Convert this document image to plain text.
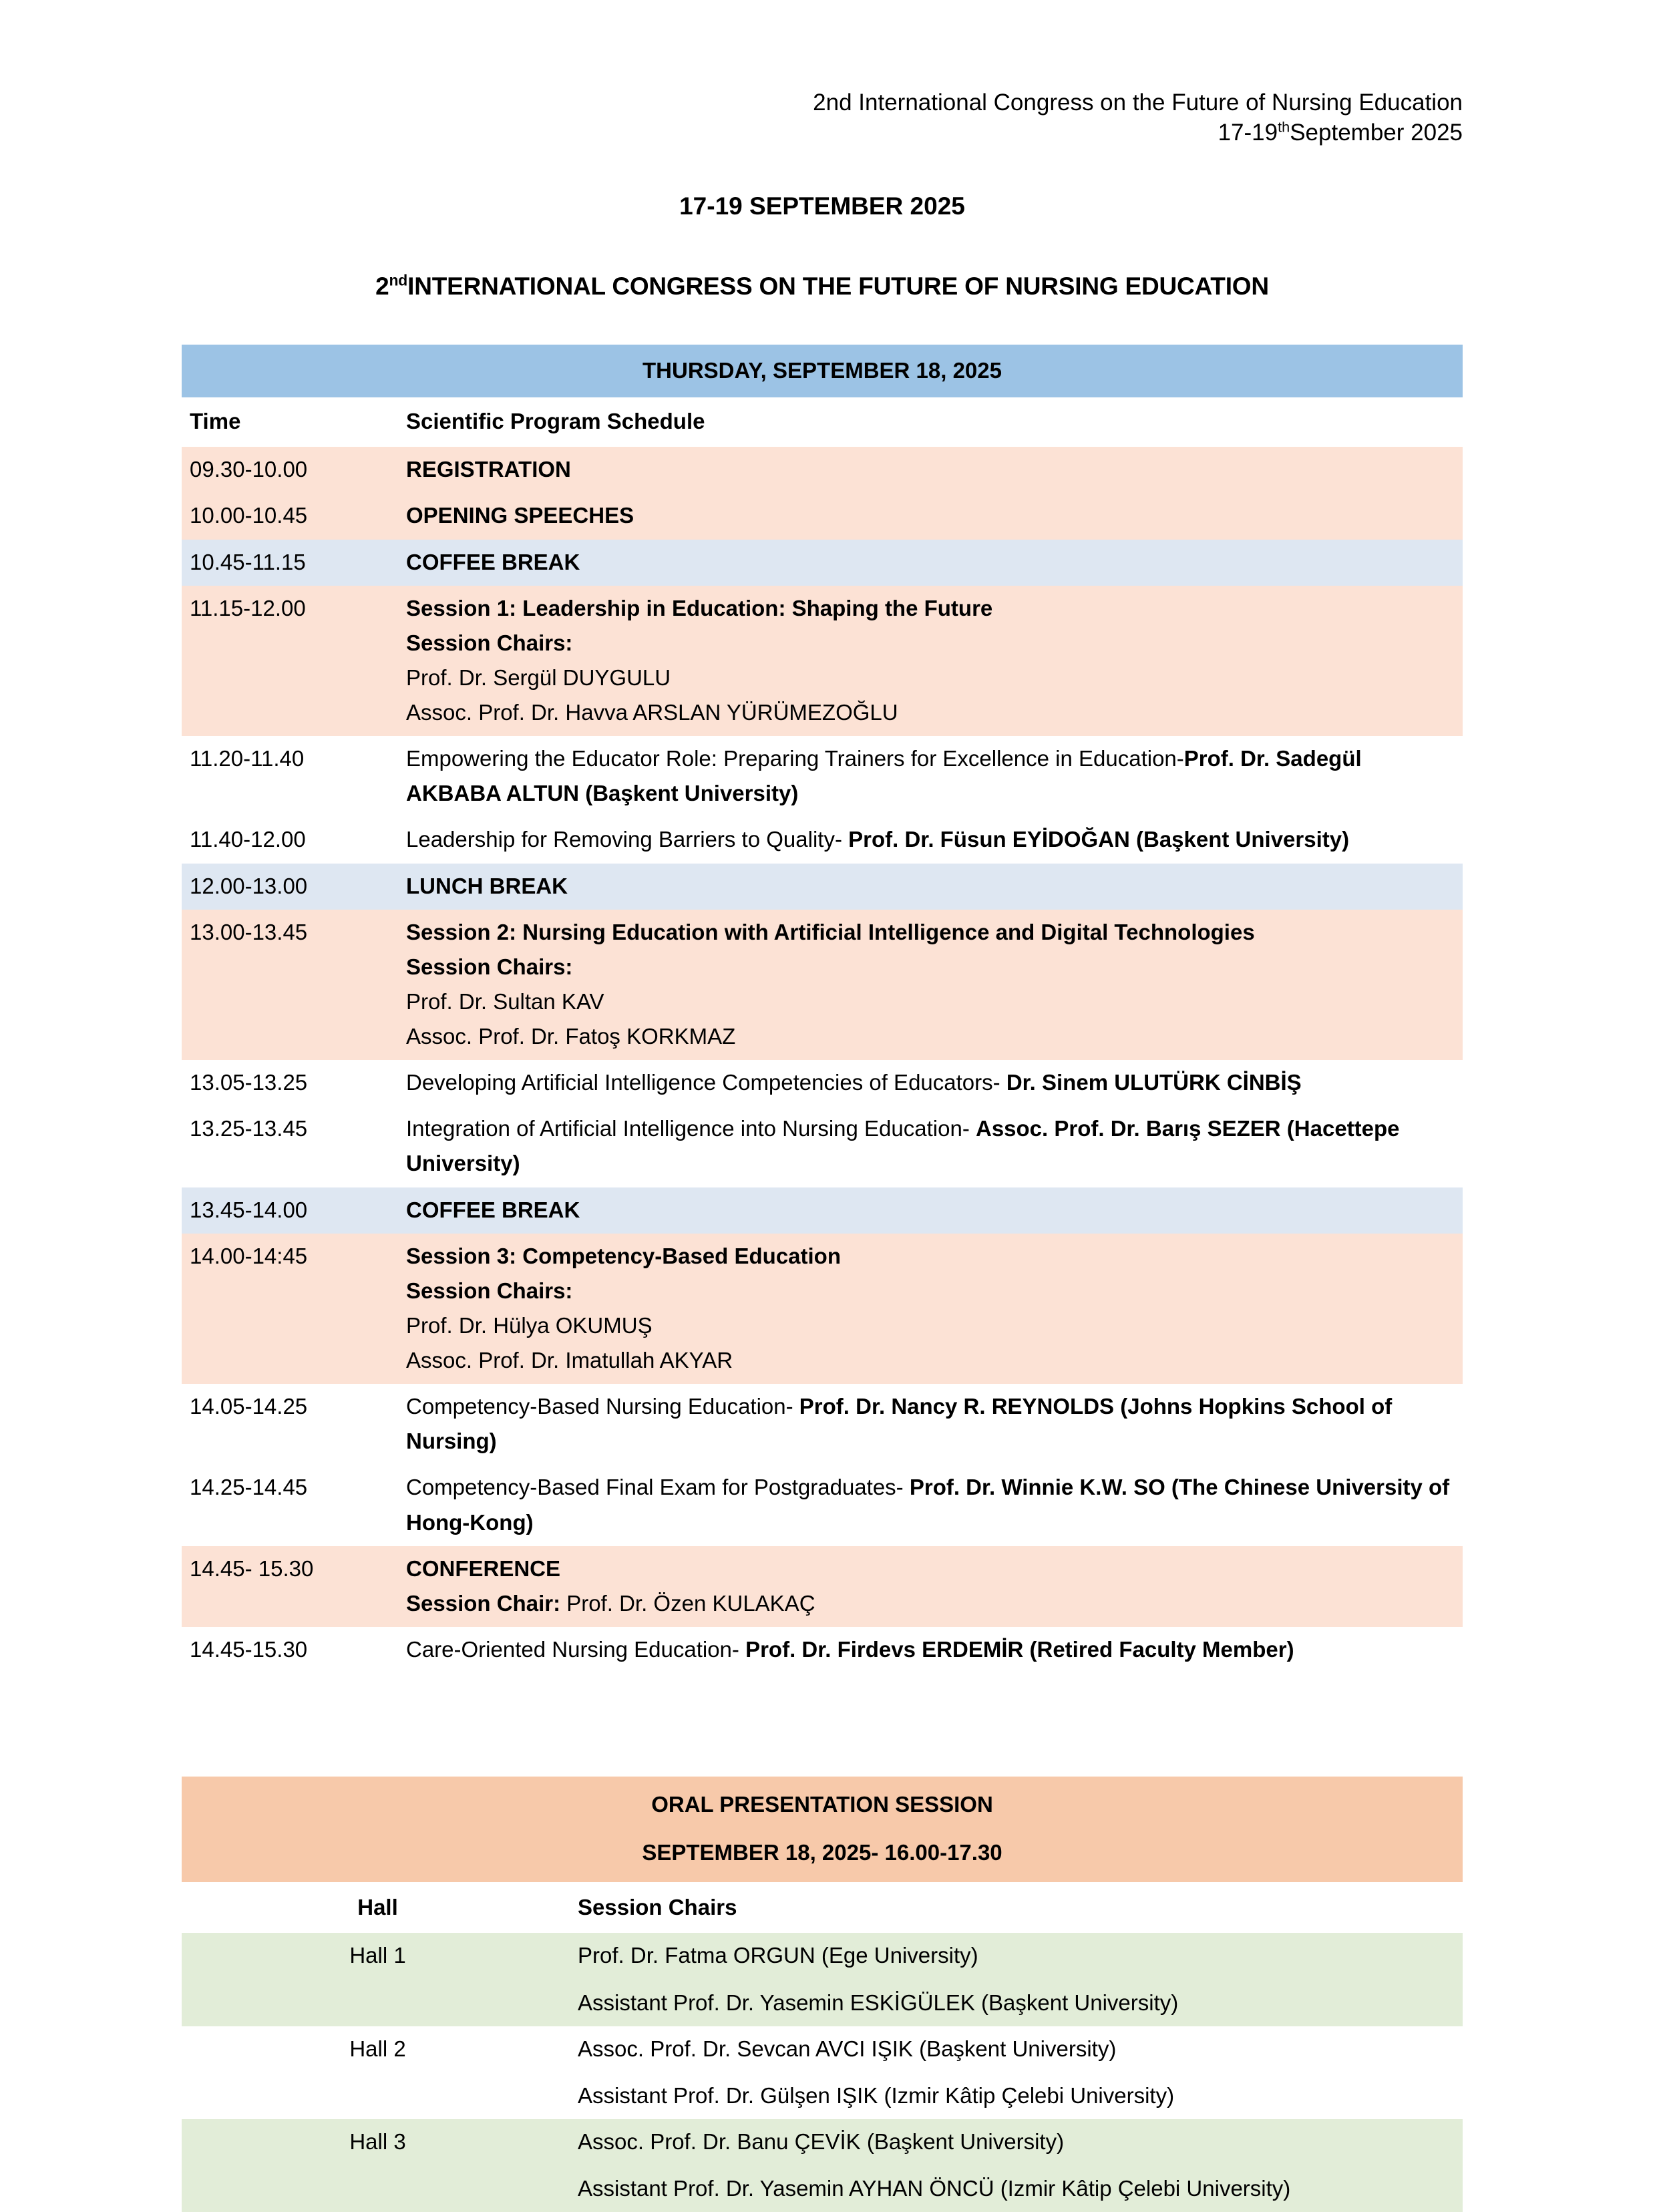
2nd International Congress on the Future of Nursing Education
17-19thSeptember 2025
17-19 SEPTEMBER 2025
2ndINTERNATIONAL CONGRESS ON THE FUTURE OF NURSING EDUCATION
THURSDAY, SEPTEMBER 18, 2025	
Time	Scientific Program Schedule
09.30-10.00	REGISTRATION

10.00-10.45	OPENING SPEECHES

10.45-11.15	COFFEE BREAK

11.15-12.00	Session 1: Leadership in Education: Shaping the Future
Session Chairs:
Prof. Dr. Sergül DUYGULU
Assoc. Prof. Dr. Havva ARSLAN YÜRÜMEZOĞLU

11.20-11.40	Empowering the Educator Role: Preparing Trainers for Excellence in Education-Prof. Dr. Sadegül AKBABA ALTUN (Başkent University)

11.40-12.00	Leadership for Removing Barriers to Quality- Prof. Dr. Füsun EYİDOĞAN (Başkent University)

12.00-13.00	LUNCH BREAK

13.00-13.45	Session 2: Nursing Education with Artificial Intelligence and Digital Technologies
Session Chairs:
Prof. Dr. Sultan KAV
Assoc. Prof. Dr. Fatoş KORKMAZ

13.05-13.25	Developing Artificial Intelligence Competencies of Educators- Dr. Sinem ULUTÜRK CİNBİŞ

13.25-13.45	Integration of Artificial Intelligence into Nursing Education- Assoc. Prof. Dr. Barış SEZER (Hacettepe University)

13.45-14.00	COFFEE BREAK

14.00-14:45	Session 3: Competency-Based Education
Session Chairs:
Prof. Dr. Hülya OKUMUŞ
Assoc. Prof. Dr. Imatullah AKYAR

14.05-14.25	Competency-Based Nursing Education- Prof. Dr. Nancy R. REYNOLDS (Johns Hopkins School of Nursing)

14.25-14.45	Competency-Based Final Exam for Postgraduates- Prof. Dr. Winnie K.W. SO (The Chinese University of Hong-Kong)

14.45- 15.30	CONFERENCE
Session Chair: Prof. Dr. Özen KULAKAÇ

14.45-15.30	Care-Oriented Nursing Education- Prof. Dr. Firdevs ERDEMİR (Retired Faculty Member)
ORAL PRESENTATION SESSION
SEPTEMBER 18, 2025- 16.00-17.30	

Hall	Session Chairs
Hall 1	Prof. Dr. Fatma ORGUN (Ege University)
Assistant Prof. Dr. Yasemin ESKİGÜLEK (Başkent University)

Hall 2	Assoc. Prof. Dr. Sevcan AVCI IŞIK (Başkent University)
Assistant Prof. Dr. Gülşen IŞIK (Izmir Kâtip Çelebi University)

Hall 3	Assoc. Prof. Dr. Banu ÇEVİK (Başkent University)
Assistant Prof. Dr. Yasemin AYHAN ÖNCÜ (Izmir Kâtip Çelebi University)
